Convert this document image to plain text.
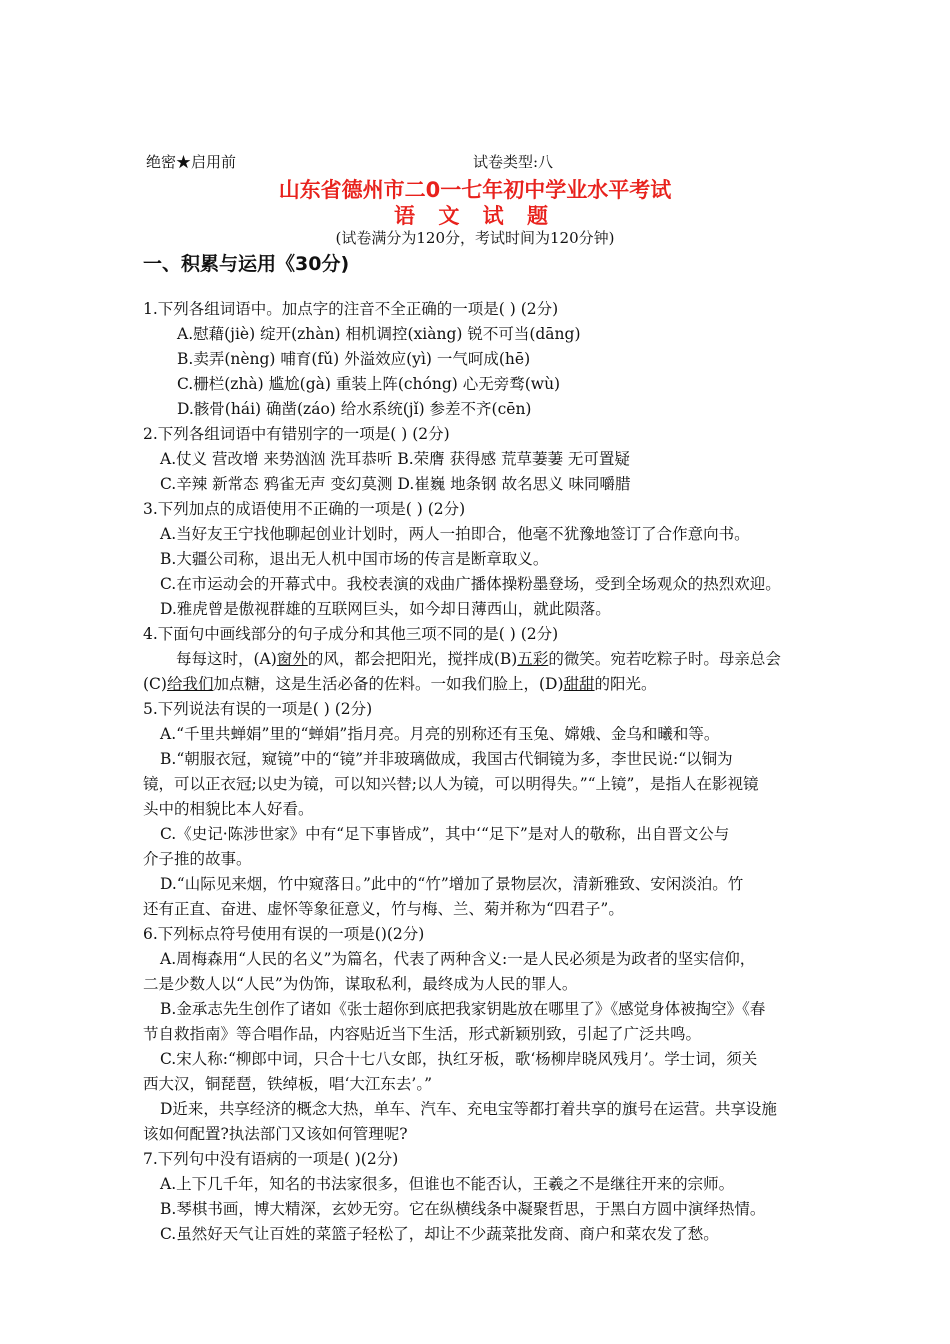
绝密★启用前	试卷类型:八
山东省德州市二0一七年初中学业水平考试
语 文 试 题
(试卷满分为120分，考试时间为120分钟)
一、积累与运用《30分)
1.下列各组词语中。加点字的注音不全正确的一项是( ) (2分)
A.慰藉(jiè) 绽开(zhàn) 相机调控(xiàng) 锐不可当(dāng)
B.卖弄(nèng) 哺育(fǔ) 外溢效应(yì) 一气呵成(hē)
C.栅栏(zhà) 尴尬(gà) 重装上阵(chóng) 心无旁骛(wù)
D.骸骨(hái) 确凿(záo) 给水系统(jǐ) 参差不齐(cēn)
2.下列各组词语中有错别字的一项是( ) (2分)
A.仗义 营改增 来势汹汹 洗耳恭听 B.荣膺 获得感 荒草萋萋 无可置疑
C.辛辣 新常态 鸦雀无声 变幻莫测 D.崔巍 地条钢 故名思义 味同嚼腊
3.下列加点的成语使用不正确的一项是( ) (2分)
A.当好友王宁找他聊起创业计划时，两人一拍即合，他毫不犹豫地签订了合作意向书。
B.大疆公司称，退出无人机中国市场的传言是断章取义。
C.在市运动会的开幕式中。我校表演的戏曲广播体操粉墨登场，受到全场观众的热烈欢迎。
D.雅虎曾是傲视群雄的互联网巨头，如今却日薄西山，就此陨落。
4.下面句中画线部分的句子成分和其他三项不同的是( ) (2分)
每每这时，(A)窗外的风，都会把阳光，搅拌成(B)五彩的微笑。宛若吃粽子时。母亲总会
(C)给我们加点糖，这是生活必备的佐料。一如我们脸上，(D)甜甜的阳光。
5.下列说法有误的一项是( ) (2分)
A.“千里共蝉娟”里的“蝉娟”指月亮。月亮的别称还有玉兔、嫦娥、金乌和曦和等。
B.“朝服衣冠，窥镜”中的“镜”并非玻璃做成，我国古代铜镜为多，李世民说:“以铜为
镜，可以正衣冠;以史为镜，可以知兴替;以人为镜，可以明得失。”“上镜”，是指人在影视镜
头中的相貌比本人好看。
C.《史记·陈涉世家》中有“足下事皆成”，其中‘“足下”是对人的敬称，出自晋文公与
介子推的故事。
D.“山际见来烟，竹中窥落日。”此中的“竹”增加了景物层次，清新雅致、安闲淡泊。竹
还有正直、奋进、虚怀等象征意义，竹与梅、兰、菊并称为“四君子”。
6.下列标点符号使用有误的一项是()(2分)
A.周梅森用“人民的名义”为篇名，代表了两种含义:一是人民必须是为政者的坚实信仰，
二是少数人以“人民”为伪饰，谋取私利，最终成为人民的罪人。
B.金承志先生创作了诸如《张士超你到底把我家钥匙放在哪里了》《感觉身体被掏空》《春
节自救指南》等合唱作品，内容贴近当下生活，形式新颖别致，引起了广泛共鸣。
C.宋人称:“柳郎中词，只合十七八女郎，执红牙板，歌‘杨柳岸晓风残月’。学士词，须关
西大汉，铜琵琶，铁绰板，唱‘大江东去’。”
D近来，共享经济的概念大热，单车、汽车、充电宝等都打着共享的旗号在运营。共享设施
该如何配置?执法部门又该如何管理呢?
7.下列句中没有语病的一项是( )(2分)
A.上下几千年，知名的书法家很多，但谁也不能否认，王羲之不是继往开来的宗师。
B.琴棋书画，博大精深，玄妙无穷。它在纵横线条中凝聚哲思，于黑白方圆中演绎热情。
C.虽然好天气让百姓的菜篮子轻松了，却让不少蔬菜批发商、商户和菜农发了愁。
